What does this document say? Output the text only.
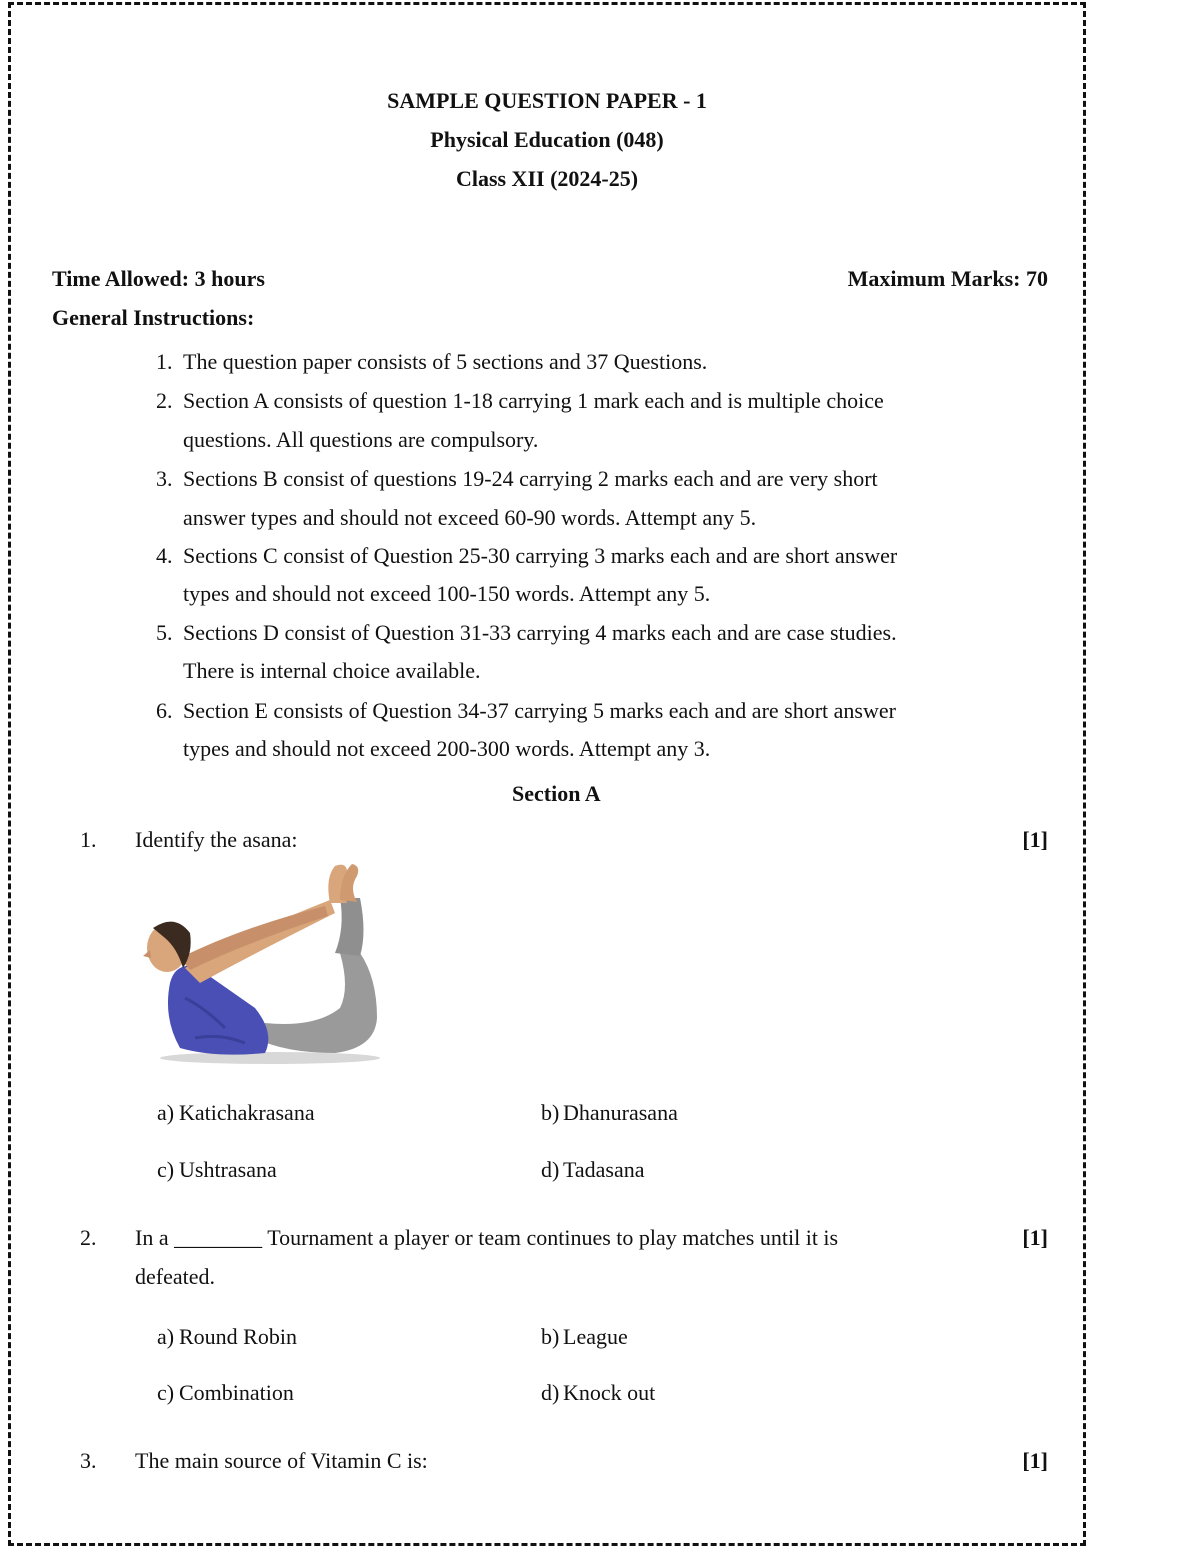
SAMPLE QUESTION PAPER - 1
Physical Education (048)
Class XII (2024-25)
Time Allowed: 3 hours	Maximum Marks: 70
General Instructions:
1. The question paper consists of 5 sections and 37 Questions.
2. Section A consists of question 1-18 carrying 1 mark each and is multiple choice
questions. All questions are compulsory.
3. Sections B consist of questions 19-24 carrying 2 marks each and are very short
answer types and should not exceed 60-90 words. Attempt any 5.
4. Sections C consist of Question 25-30 carrying 3 marks each and are short answer
types and should not exceed 100-150 words. Attempt any 5.
5. Sections D consist of Question 31-33 carrying 4 marks each and are case studies.
There is internal choice available.
6. Section E consists of Question 34-37 carrying 5 marks each and are short answer
types and should not exceed 200-300 words. Attempt any 3.
Section A
1. Identify the asana:	[1]
a) Katichakrasana	b) Dhanurasana
c) Ushtrasana	d) Tadasana
2. In a ________ Tournament a player or team continues to play matches until it is
defeated.
[1]
a) Round Robin	b) League
c) Combination	d) Knock out
3. The main source of Vitamin C is:	[1]
